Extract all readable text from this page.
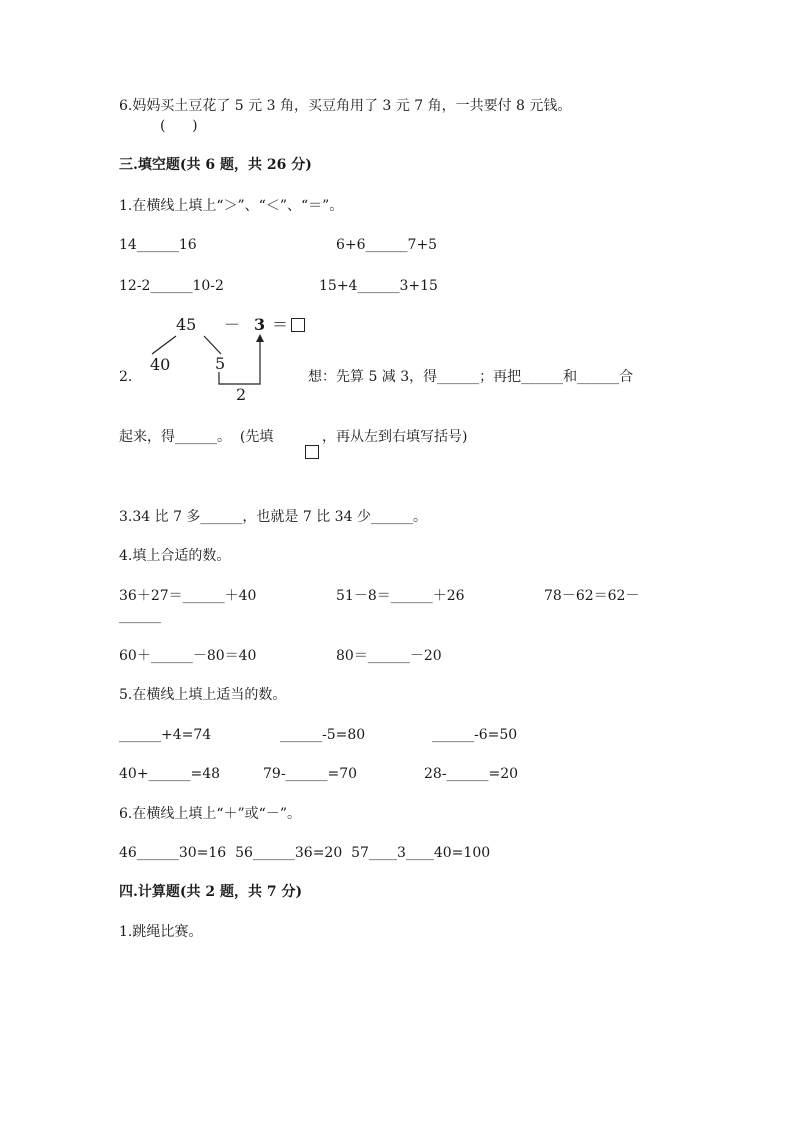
6.妈妈买土豆花了 5 元 3 角，买豆角用了 3 元 7 角，一共要付 8 元钱。
(      )
三.填空题(共 6 题，共 26 分)
1.在横线上填上“＞”、“＜”、“＝”。
14______16	6+6______7+5
12-2______10-2	15+4______3+15
45 － 3 ＝
40	5
2
2.	想：先算 5 减 3，得______；再把______和______合
起来，得______。  (先填	，再从左到右填写括号)
3.34 比 7 多______，也就是 7 比 34 少______。
4.填上合适的数。
36＋27＝______＋40	51－8＝______＋26	78－62＝62－
______
60＋______－80＝40	80＝______－20
5.在横线上填上适当的数。
______+4=74	______-5=80	______-6=50
40+______=48	79-______=70	28-______=20
6.在横线上填上“＋”或“－”。
46______30=16  56______36=20  57____3____40=100
四.计算题(共 2 题，共 7 分)
1.跳绳比赛。
